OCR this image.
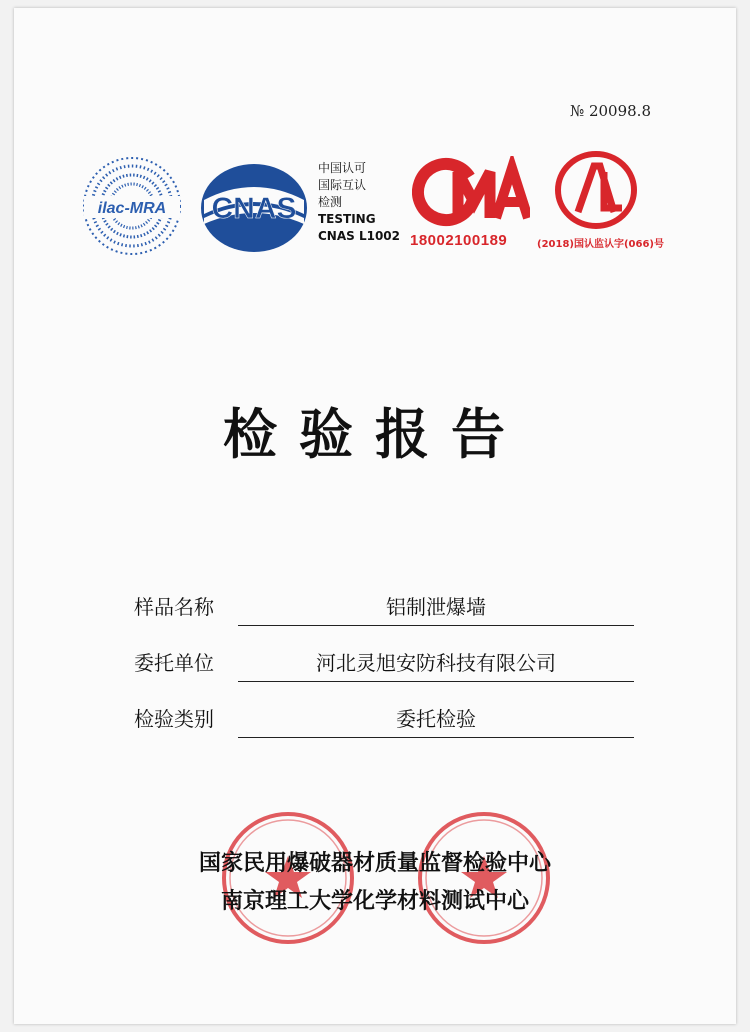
№ 20098.8
ilac-MRA CNAS
中国认可
国际互认
检测
TESTING
CNAS L1002 18002100189	(2018)国认监认字(066)号
检验报告
样品名称	铝制泄爆墙
委托单位	河北灵旭安防科技有限公司
检验类别	委托检验
国家民用爆破器材质量监督检验中心
南京理工大学化学材料测试中心
